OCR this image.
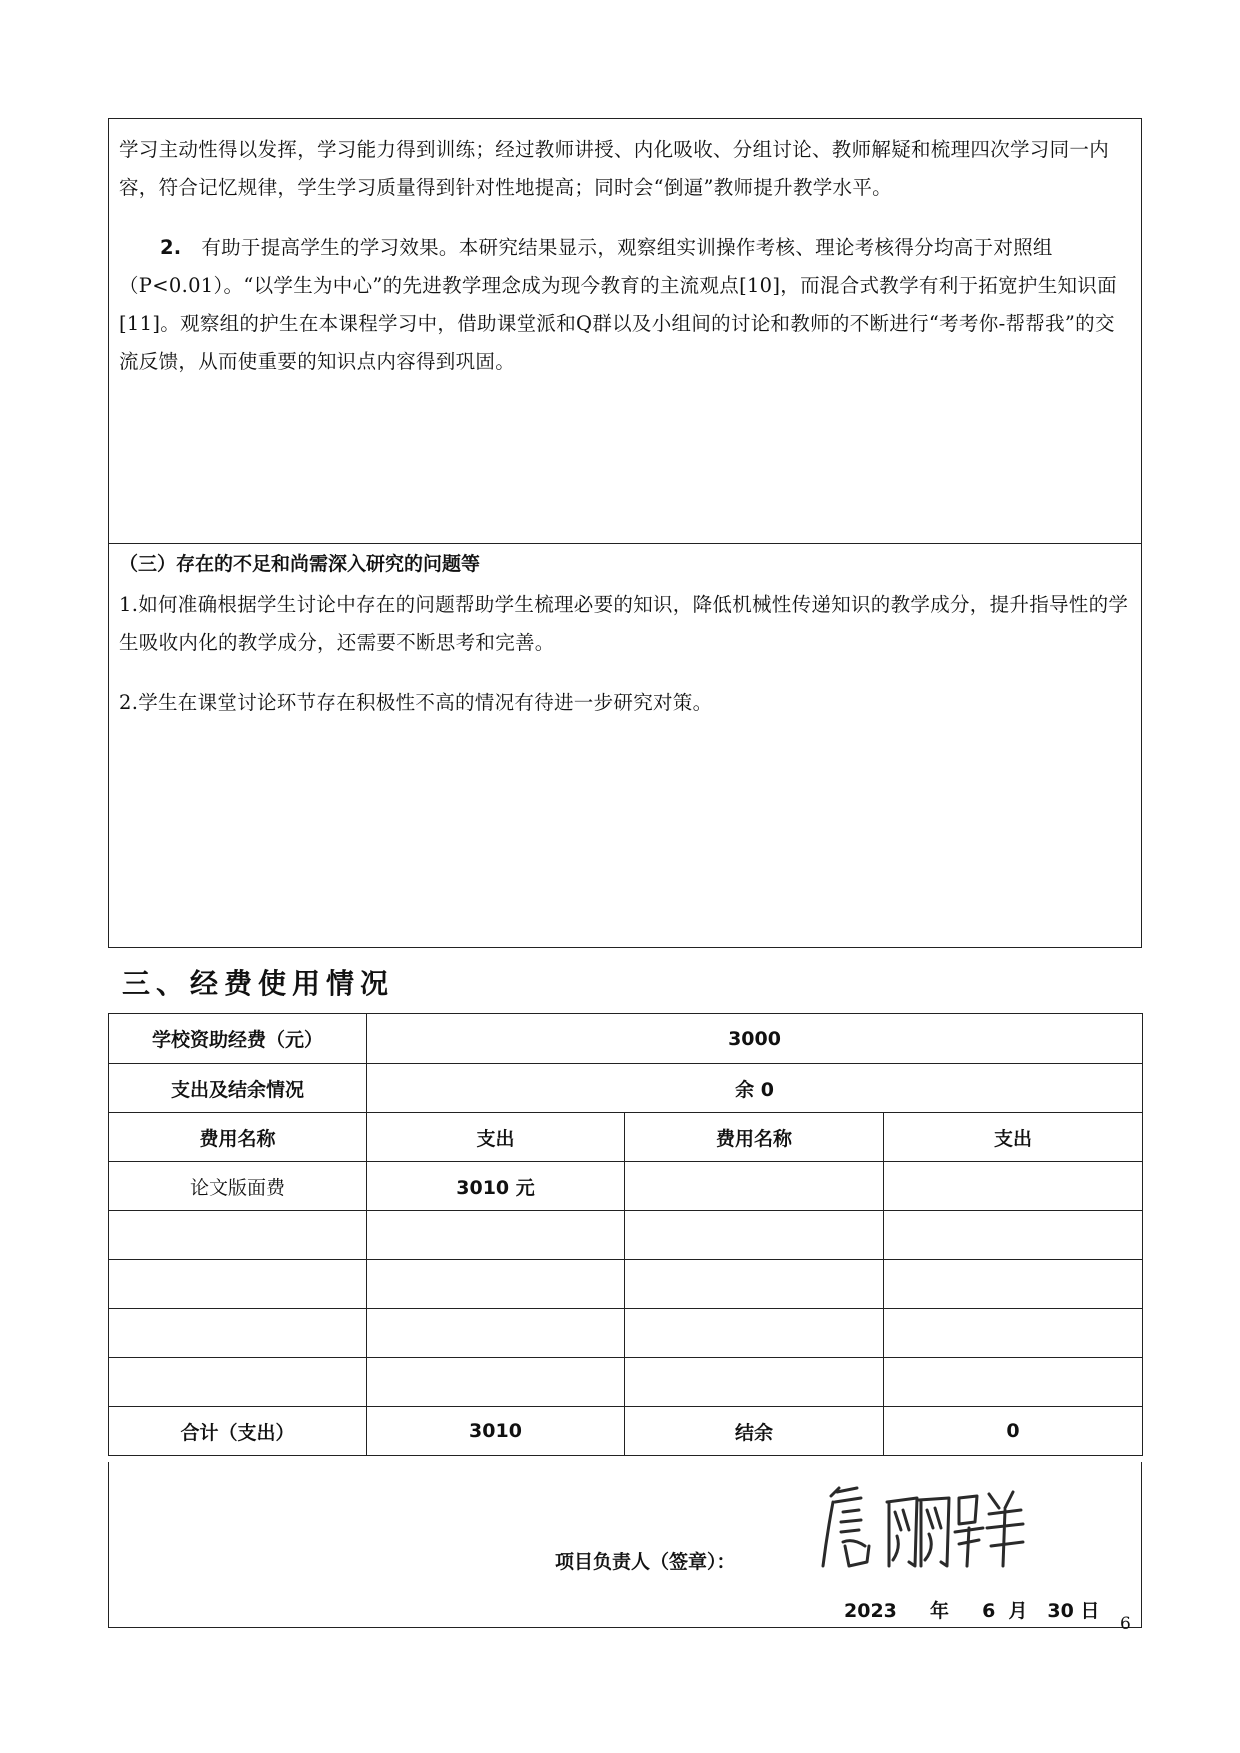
学习主动性得以发挥，学习能力得到训练；经过教师讲授、内化吸收、分组讨论、教师解疑和梳理四次学习同一内容，符合记忆规律，学生学习质量得到针对性地提高；同时会“倒逼”教师提升教学水平。

2.　 有助于提高学生的学习效果。本研究结果显示，观察组实训操作考核、理论考核得分均高于对照组（P<0.01）。“以学生为中心”的先进教学理念成为现今教育的主流观点[10]，而混合式教学有利于拓宽护生知识面[11]。观察组的护生在本课程学习中，借助课堂派和Q群以及小组间的讨论和教师的不断进行“考考你-帮帮我”的交流反馈，从而使重要的知识点内容得到巩固。

（三）存在的不足和尚需深入研究的问题等

1.如何准确根据学生讨论中存在的问题帮助学生梳理必要的知识，降低机械性传递知识的教学成分，提升指导性的学生吸收内化的教学成分，还需要不断思考和完善。

2.学生在课堂讨论环节存在积极性不高的情况有待进一步研究对策。

三、经费使用情况
学校资助经费（元）	3000		
支出及结余情况	余 0		
费用名称	支出	费用名称	支出
论文版面费	3010 元		

合计（支出）	3010	结余	0
项目负责人（签章）：
2023 年 6 月 30 日
6
